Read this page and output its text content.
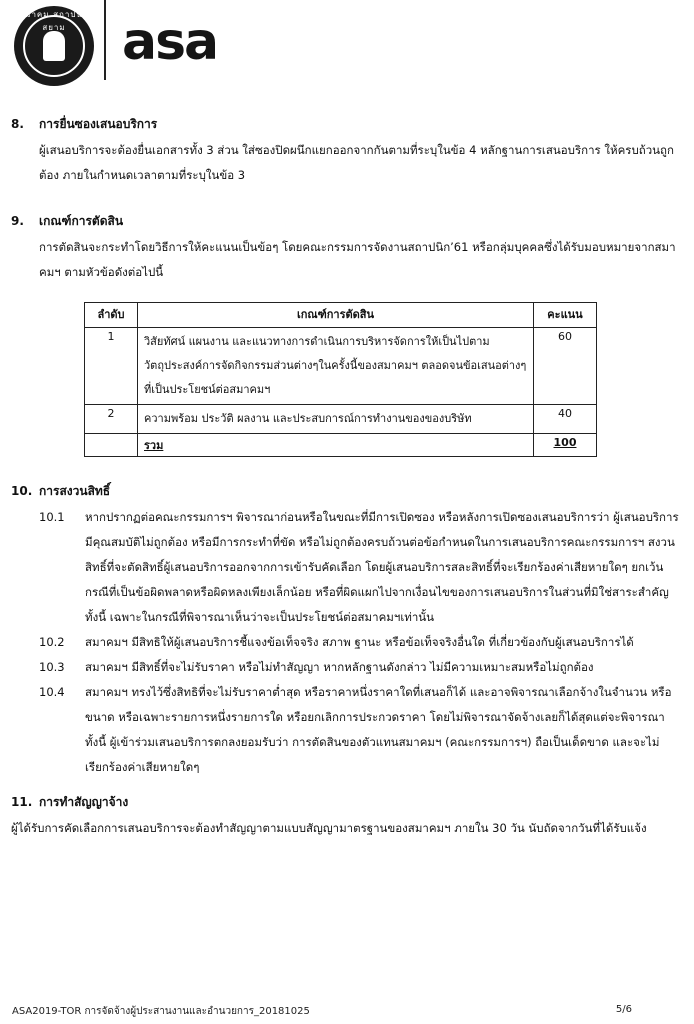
สมาคม สถาปนิก สยาม	asa
8. การยื่นซองเสนอบริการ
ผู้เสนอบริการจะต้องยื่นเอกสารทั้ง 3 ส่วน ใส่ซองปิดผนึกแยกออกจากกันตามที่ระบุในข้อ 4 หลักฐานการเสนอบริการ ให้ครบถ้วนถูกต้อง ภายในกำหนดเวลาตามที่ระบุในข้อ 3
9. เกณฑ์การตัดสิน
การตัดสินจะกระทำโดยวิธีการให้คะแนนเป็นข้อๆ โดยคณะกรรมการจัดงานสถาปนิก’61 หรือกลุ่มบุคคลซึ่งได้รับมอบหมายจากสมาคมฯ ตามหัวข้อดังต่อไปนี้
ลำดับ	เกณฑ์การตัดสิน	คะแนน
1	วิสัยทัศน์ แผนงาน และแนวทางการดำเนินการบริหารจัดการให้เป็นไปตามวัตถุประสงค์การจัดกิจกรรมส่วนต่างๆในครั้งนี้ของสมาคมฯ ตลอดจนข้อเสนอต่างๆที่เป็นประโยชน์ต่อสมาคมฯ	60
2	ความพร้อม ประวัติ ผลงาน และประสบการณ์การทำงานของของบริษัท	40
	รวม	100
10. การสงวนสิทธิ์
10.1 หากปรากฏต่อคณะกรรมการฯ พิจารณาก่อนหรือในขณะที่มีการเปิดซอง หรือหลังการเปิดซองเสนอบริการว่า ผู้เสนอบริการมีคุณสมบัติไม่ถูกต้อง หรือมีการกระทำที่ขัด หรือไม่ถูกต้องครบถ้วนต่อข้อกำหนดในการเสนอบริการคณะกรรมการฯ สงวนสิทธิ์ที่จะตัดสิทธิ์ผู้เสนอบริการออกจากการเข้ารับคัดเลือก โดยผู้เสนอบริการสละสิทธิ์ที่จะเรียกร้องค่าเสียหายใดๆ ยกเว้น กรณีที่เป็นข้อผิดพลาดหรือผิดหลงเพียงเล็กน้อย หรือที่ผิดแผกไปจากเงื่อนไขของการเสนอบริการในส่วนที่มิใช่สาระสำคัญ ทั้งนี้ เฉพาะในกรณีที่พิจารณาเห็นว่าจะเป็นประโยชน์ต่อสมาคมฯเท่านั้น
10.2 สมาคมฯ มีสิทธิให้ผู้เสนอบริการชี้แจงข้อเท็จจริง สภาพ ฐานะ หรือข้อเท็จจริงอื่นใด ที่เกี่ยวข้องกับผู้เสนอบริการได้
10.3 สมาคมฯ มีสิทธิ์ที่จะไม่รับราคา หรือไม่ทำสัญญา หากหลักฐานดังกล่าว ไม่มีความเหมาะสมหรือไม่ถูกต้อง
10.4 สมาคมฯ ทรงไว้ซึ่งสิทธิที่จะไม่รับราคาต่ำสุด หรือราคาหนึ่งราคาใดที่เสนอก็ได้ และอาจพิจารณาเลือกจ้างในจำนวน หรือขนาด หรือเฉพาะรายการหนึ่งรายการใด หรือยกเลิกการประกวดราคา โดยไม่พิจารณาจัดจ้างเลยก็ได้สุดแต่จะพิจารณา ทั้งนี้ ผู้เข้าร่วมเสนอบริการตกลงยอมรับว่า การตัดสินของตัวแทนสมาคมฯ (คณะกรรมการฯ) ถือเป็นเด็ดขาด และจะไม่เรียกร้องค่าเสียหายใดๆ
11. การทำสัญญาจ้าง
ผู้ได้รับการคัดเลือกการเสนอบริการจะต้องทำสัญญาตามแบบสัญญามาตรฐานของสมาคมฯ ภายใน 30 วัน นับถัดจากวันที่ได้รับแจ้ง
ASA2019-TOR การจัดจ้างผู้ประสานงานและอำนวยการ_20181025	5/6
